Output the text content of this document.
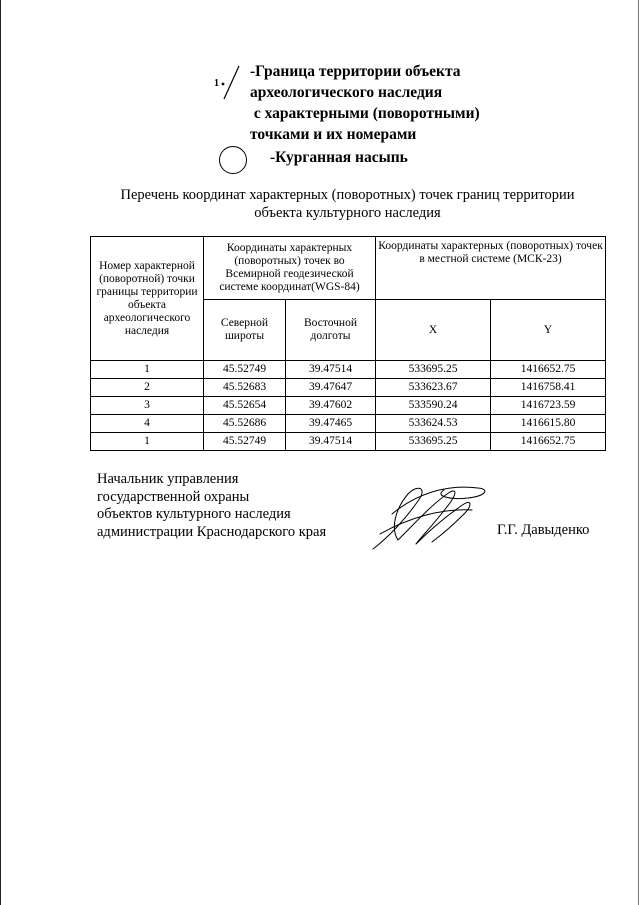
1
-Граница территории объекта
археологического наследия
с характерными (поворотными)
точками и их номерами
-Курганная насыпь
Перечень координат характерных (поворотных) точек границ территории
объекта культурного наследия
Номер характерной (поворотной) точки границы территории объекта археологического наследия	Координаты характерных (поворотных) точек во Всемирной геодезической системе координат(WGS-84)		Координаты характерных (поворотных) точек в местной системе (МСК-23)	
	Северной широты	Восточной долготы	X	Y
1	45.52749	39.47514	533695.25	1416652.75
2	45.52683	39.47647	533623.67	1416758.41
3	45.52654	39.47602	533590.24	1416723.59
4	45.52686	39.47465	533624.53	1416615.80
1	45.52749	39.47514	533695.25	1416652.75
Начальник управления
государственной охраны
объектов культурного наследия
администрации Краснодарского края	Г.Г. Давыденко
